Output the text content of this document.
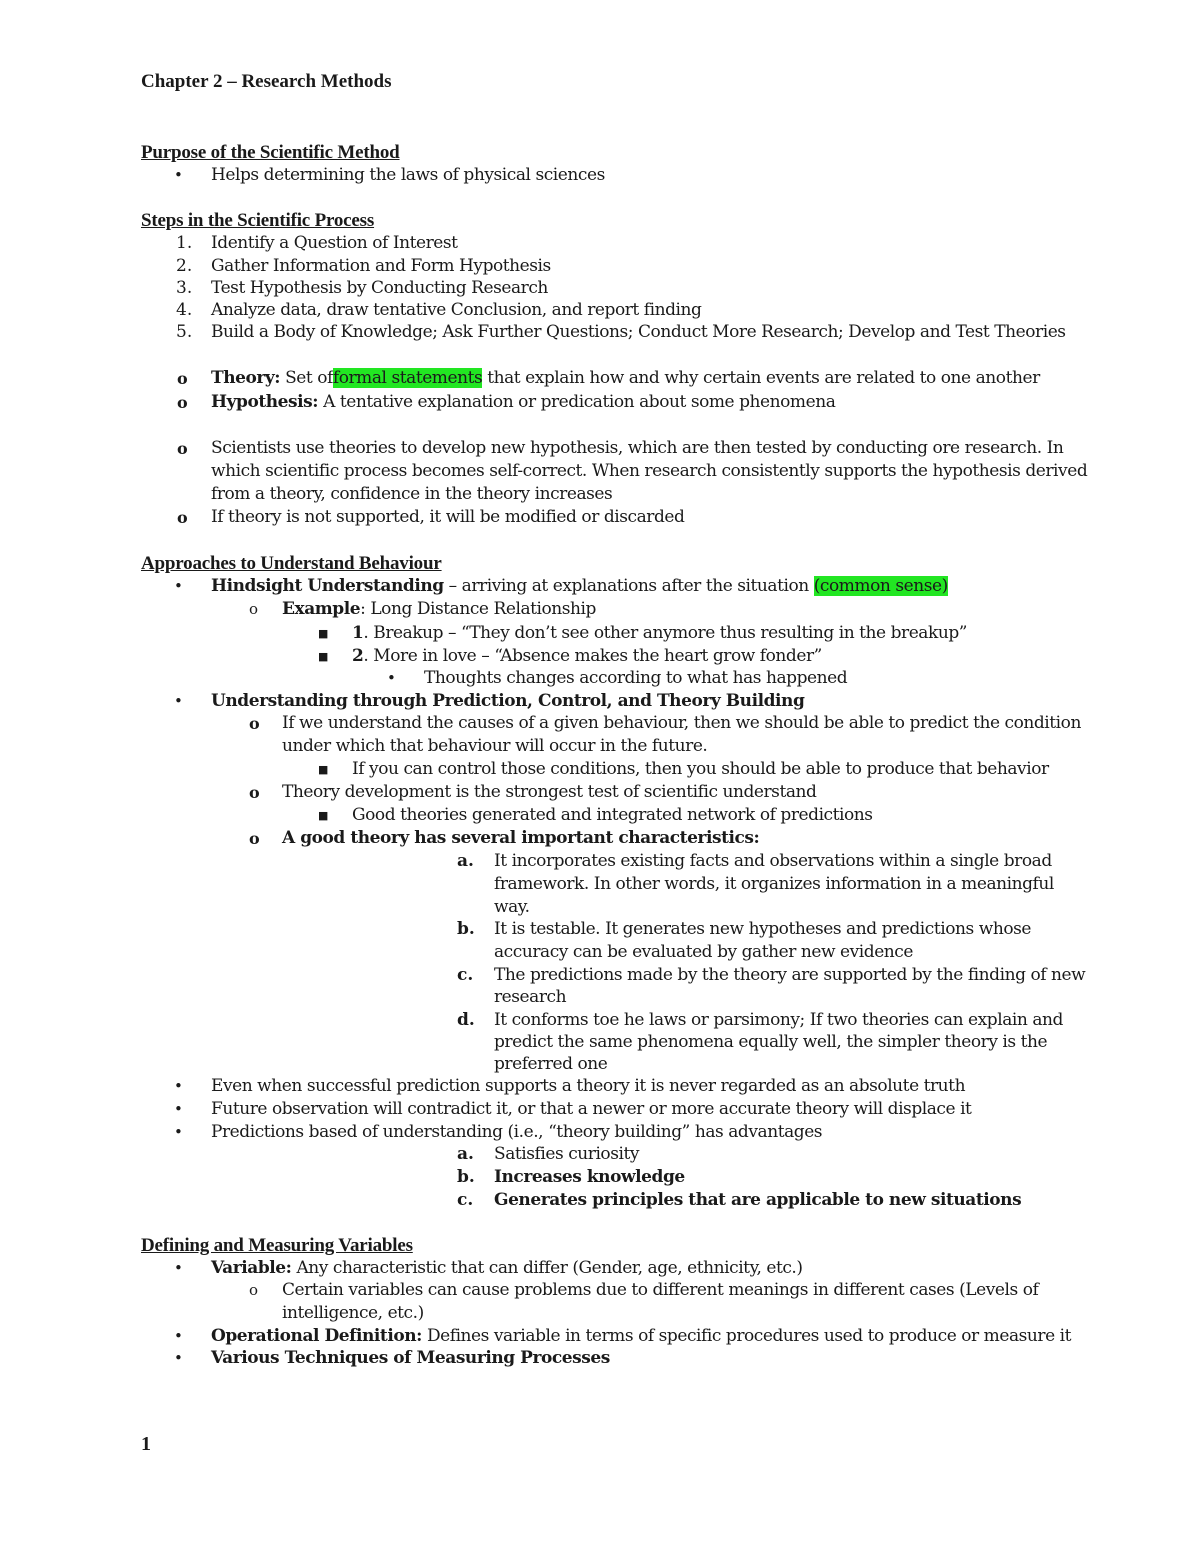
Chapter 2 – Research Methods
Purpose of the Scientific Method
• Helps determining the laws of physical sciences
Steps in the Scientific Process
1. Identify a Question of Interest
2. Gather Information and Form Hypothesis
3. Test Hypothesis by Conducting Research
4. Analyze data, draw tentative Conclusion, and report finding
5. Build a Body of Knowledge; Ask Further Questions; Conduct More Research; Develop and Test Theories
o Theory: Set offormal statements that explain how and why certain events are related to one another
o Hypothesis: A tentative explanation or predication about some phenomena
o Scientists use theories to develop new hypothesis, which are then tested by conducting ore research. In
which scientific process becomes self-correct. When research consistently supports the hypothesis derived
from a theory, confidence in the theory increases
o If theory is not supported, it will be modified or discarded
Approaches to Understand Behaviour
• Hindsight Understanding – arriving at explanations after the situation (common sense)
o Example: Long Distance Relationship
■ 1. Breakup – “They don’t see other anymore thus resulting in the breakup”
■ 2. More in love – “Absence makes the heart grow fonder”
• Thoughts changes according to what has happened
• Understanding through Prediction, Control, and Theory Building
o If we understand the causes of a given behaviour, then we should be able to predict the condition
under which that behaviour will occur in the future.
■ If you can control those conditions, then you should be able to produce that behavior
o Theory development is the strongest test of scientific understand
■ Good theories generated and integrated network of predictions
o A good theory has several important characteristics:
a. It incorporates existing facts and observations within a single broad
framework. In other words, it organizes information in a meaningful
way.
b. It is testable. It generates new hypotheses and predictions whose
accuracy can be evaluated by gather new evidence
c. The predictions made by the theory are supported by the finding of new
research
d. It conforms toe he laws or parsimony; If two theories can explain and
predict the same phenomena equally well, the simpler theory is the
preferred one
• Even when successful prediction supports a theory it is never regarded as an absolute truth
• Future observation will contradict it, or that a newer or more accurate theory will displace it
• Predictions based of understanding (i.e., “theory building” has advantages
a. Satisfies curiosity
b. Increases knowledge
c. Generates principles that are applicable to new situations
Defining and Measuring Variables
• Variable: Any characteristic that can differ (Gender, age, ethnicity, etc.)
o Certain variables can cause problems due to different meanings in different cases (Levels of
intelligence, etc.)
• Operational Definition: Defines variable in terms of specific procedures used to produce or measure it
• Various Techniques of Measuring Processes
1
